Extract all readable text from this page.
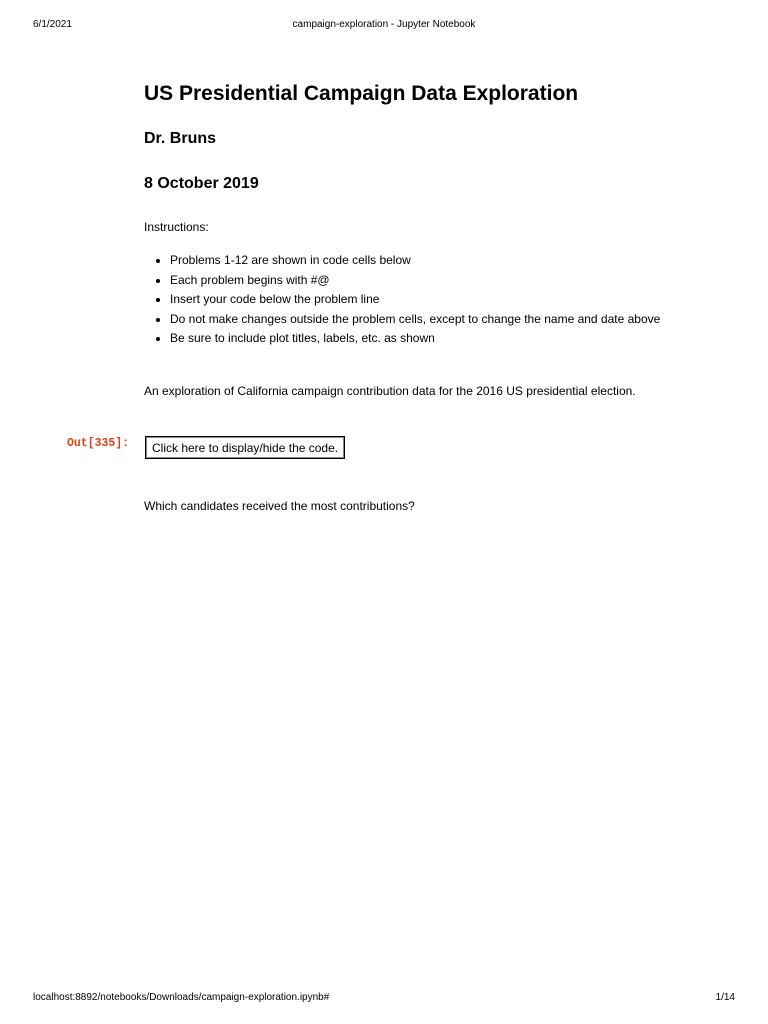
6/1/2021	campaign-exploration - Jupyter Notebook
US Presidential Campaign Data Exploration
Dr. Bruns
8 October 2019
Instructions:
• Problems 1-12 are shown in code cells below
• Each problem begins with #@
• Insert your code below the problem line
• Do not make changes outside the problem cells, except to change the name and date above
• Be sure to include plot titles, labels, etc. as shown
An exploration of California campaign contribution data for the 2016 US presidential election.
Which candidates received the most contributions?
Out[335]:	Click here to display/hide the code.
localhost:8892/notebooks/Downloads/campaign-exploration.ipynb#	1/14
